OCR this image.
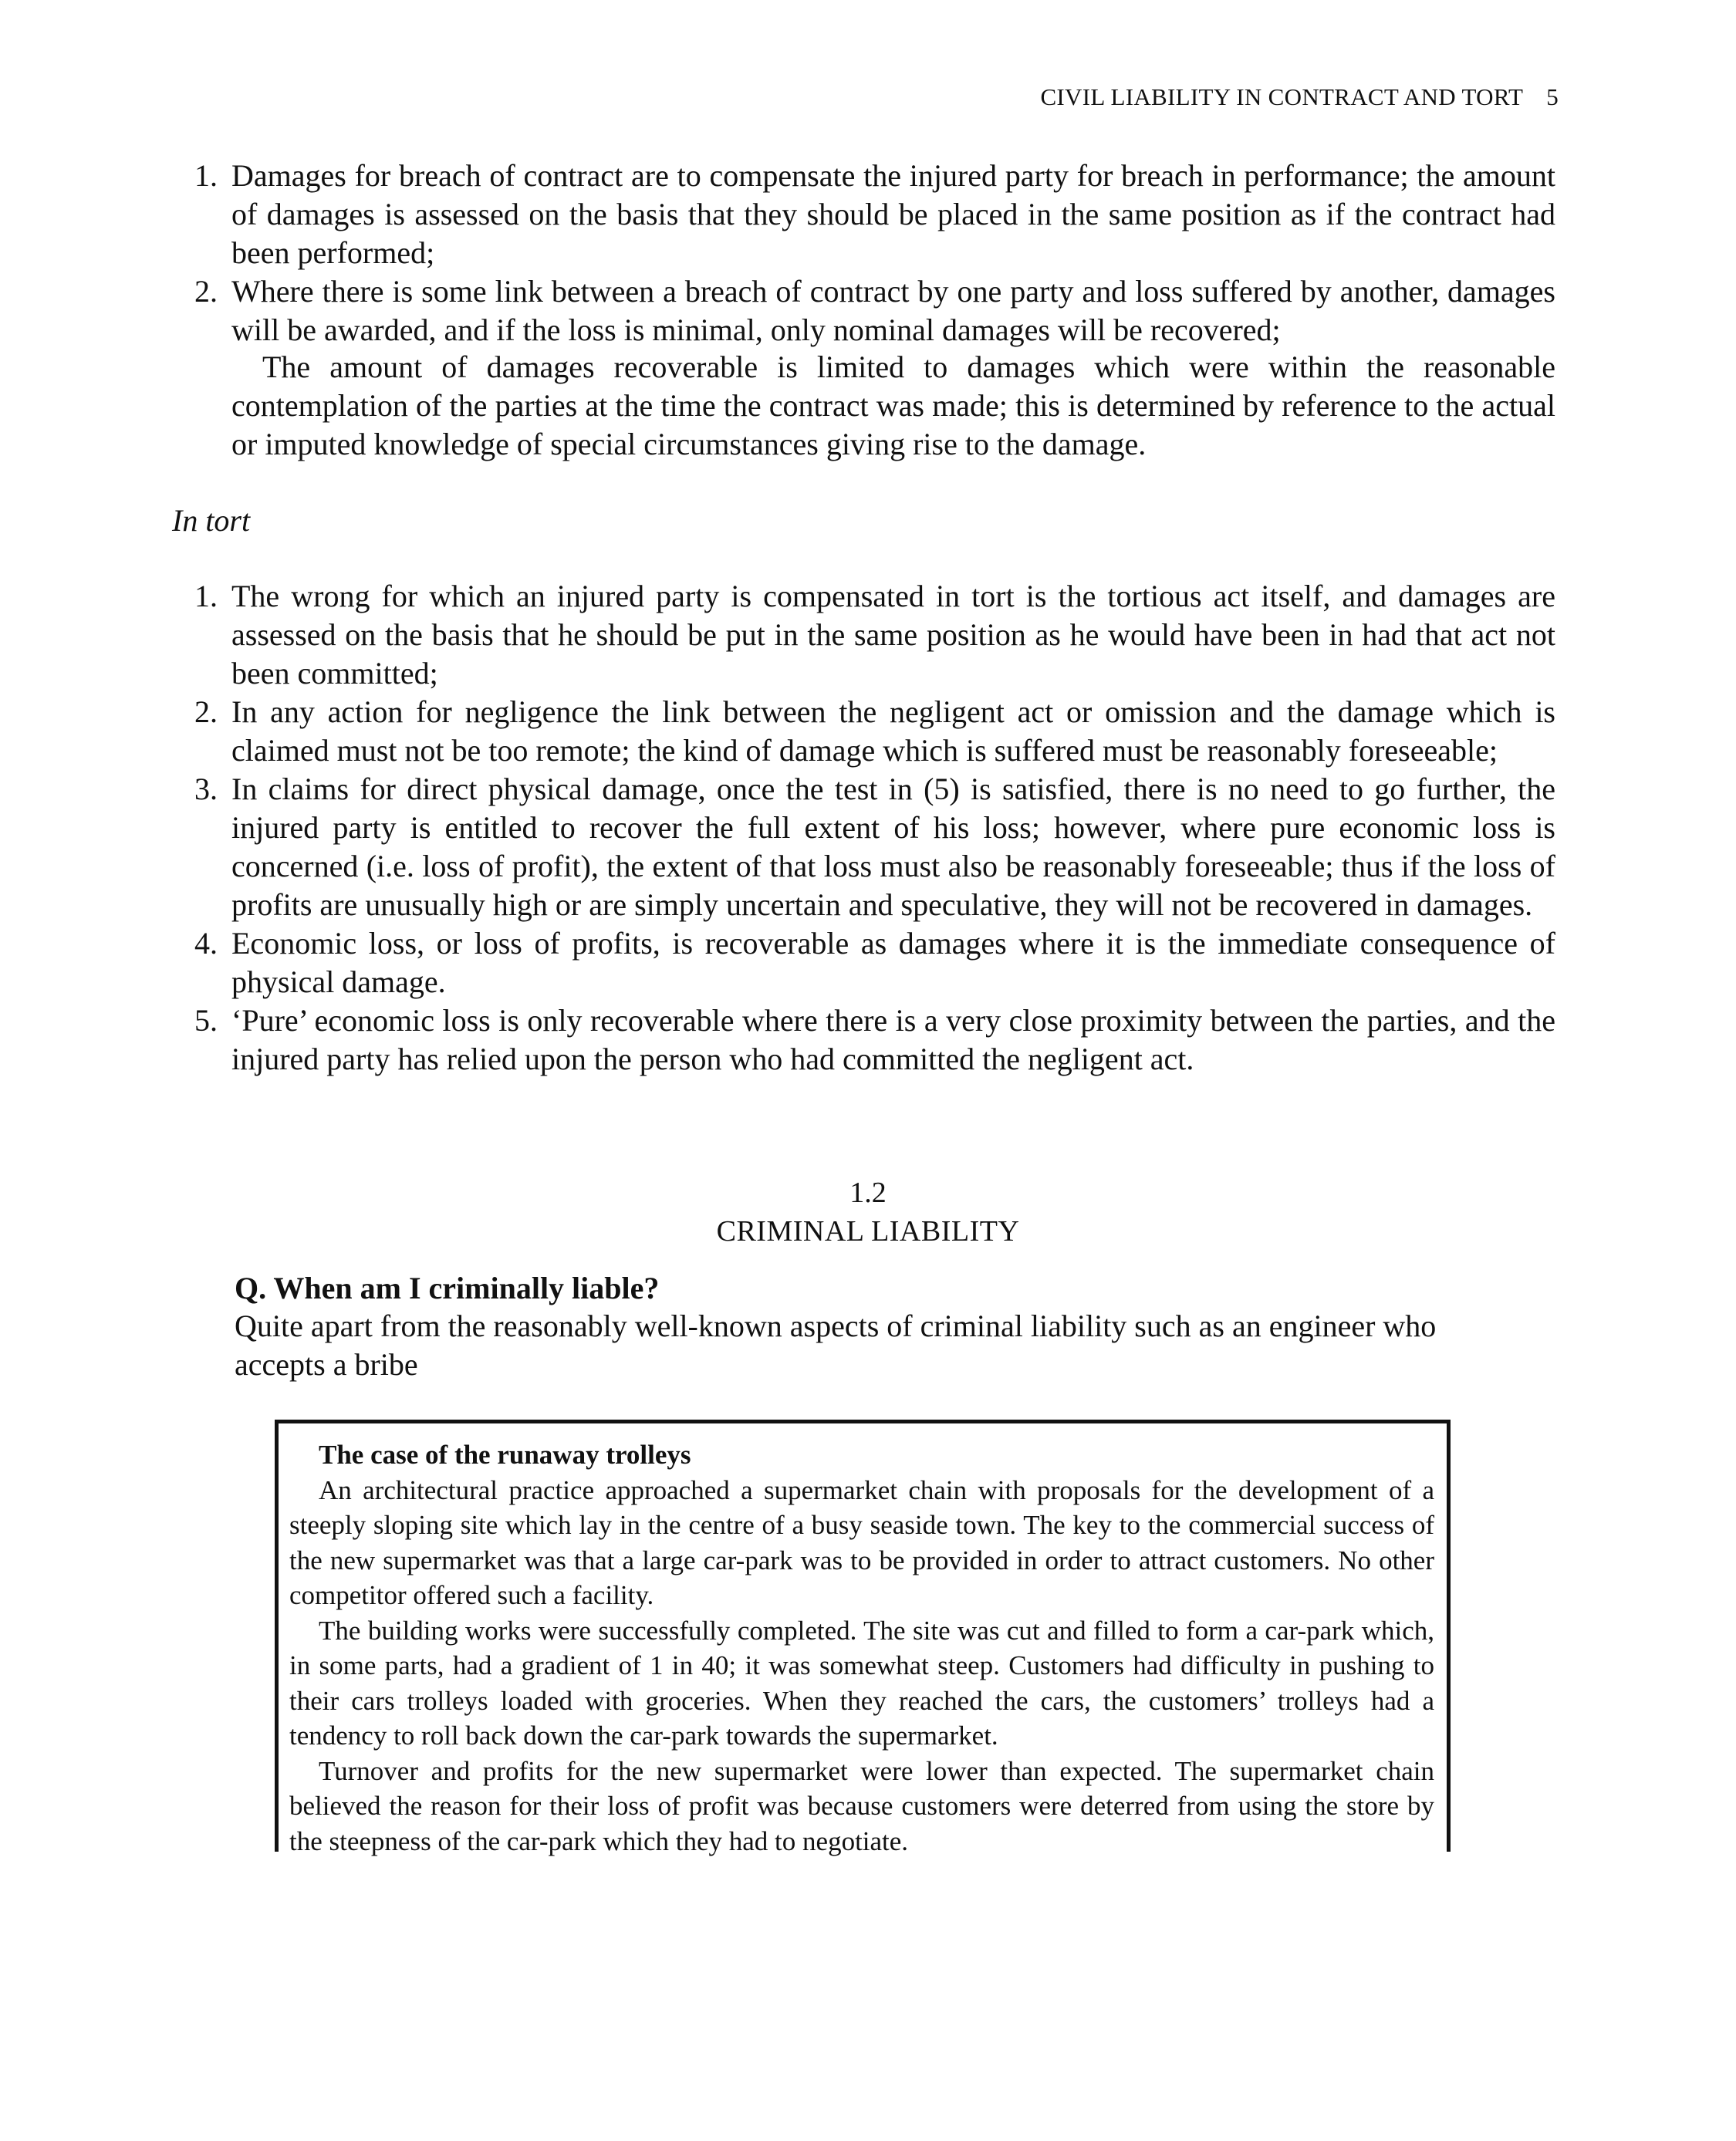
CIVIL LIABILITY IN CONTRACT AND TORT 5
1. Damages for breach of contract are to compensate the injured party for breach in performance; the amount of damages is assessed on the basis that they should be placed in the same position as if the contract had been performed;
2. Where there is some link between a breach of contract by one party and loss suffered by another, damages will be awarded, and if the loss is minimal, only nominal damages will be recovered;
The amount of damages recoverable is limited to damages which were within the reasonable contemplation of the parties at the time the contract was made; this is determined by reference to the actual or imputed knowledge of special circumstances giving rise to the damage.
In tort
1. The wrong for which an injured party is compensated in tort is the tortious act itself, and damages are assessed on the basis that he should be put in the same position as he would have been in had that act not been committed;
2. In any action for negligence the link between the negligent act or omission and the damage which is claimed must not be too remote; the kind of damage which is suffered must be reasonably foreseeable;
3. In claims for direct physical damage, once the test in (5) is satisfied, there is no need to go further, the injured party is entitled to recover the full extent of his loss; however, where pure economic loss is concerned (i.e. loss of profit), the extent of that loss must also be reasonably foreseeable; thus if the loss of profits are unusually high or are simply uncertain and speculative, they will not be recovered in damages.
4. Economic loss, or loss of profits, is recoverable as damages where it is the immediate consequence of physical damage.
5. ‘Pure’ economic loss is only recoverable where there is a very close proximity between the parties, and the injured party has relied upon the person who had committed the negligent act.
1.2
CRIMINAL LIABILITY
Q. When am I criminally liable?
Quite apart from the reasonably well-known aspects of criminal liability such as an engineer who accepts a bribe

The case of the runaway trolleys

An architectural practice approached a supermarket chain with proposals for the development of a steeply sloping site which lay in the centre of a busy seaside town. The key to the commercial success of the new supermarket was that a large car-park was to be provided in order to attract customers. No other competitor offered such a facility.

The building works were successfully completed. The site was cut and filled to form a car-park which, in some parts, had a gradient of 1 in 40; it was somewhat steep. Customers had difficulty in pushing to their cars trolleys loaded with groceries. When they reached the cars, the customers’ trolleys had a tendency to roll back down the car-park towards the supermarket.

Turnover and profits for the new supermarket were lower than expected. The supermarket chain believed the reason for their loss of profit was because customers were deterred from using the store by the steepness of the car-park which they had to negotiate.
